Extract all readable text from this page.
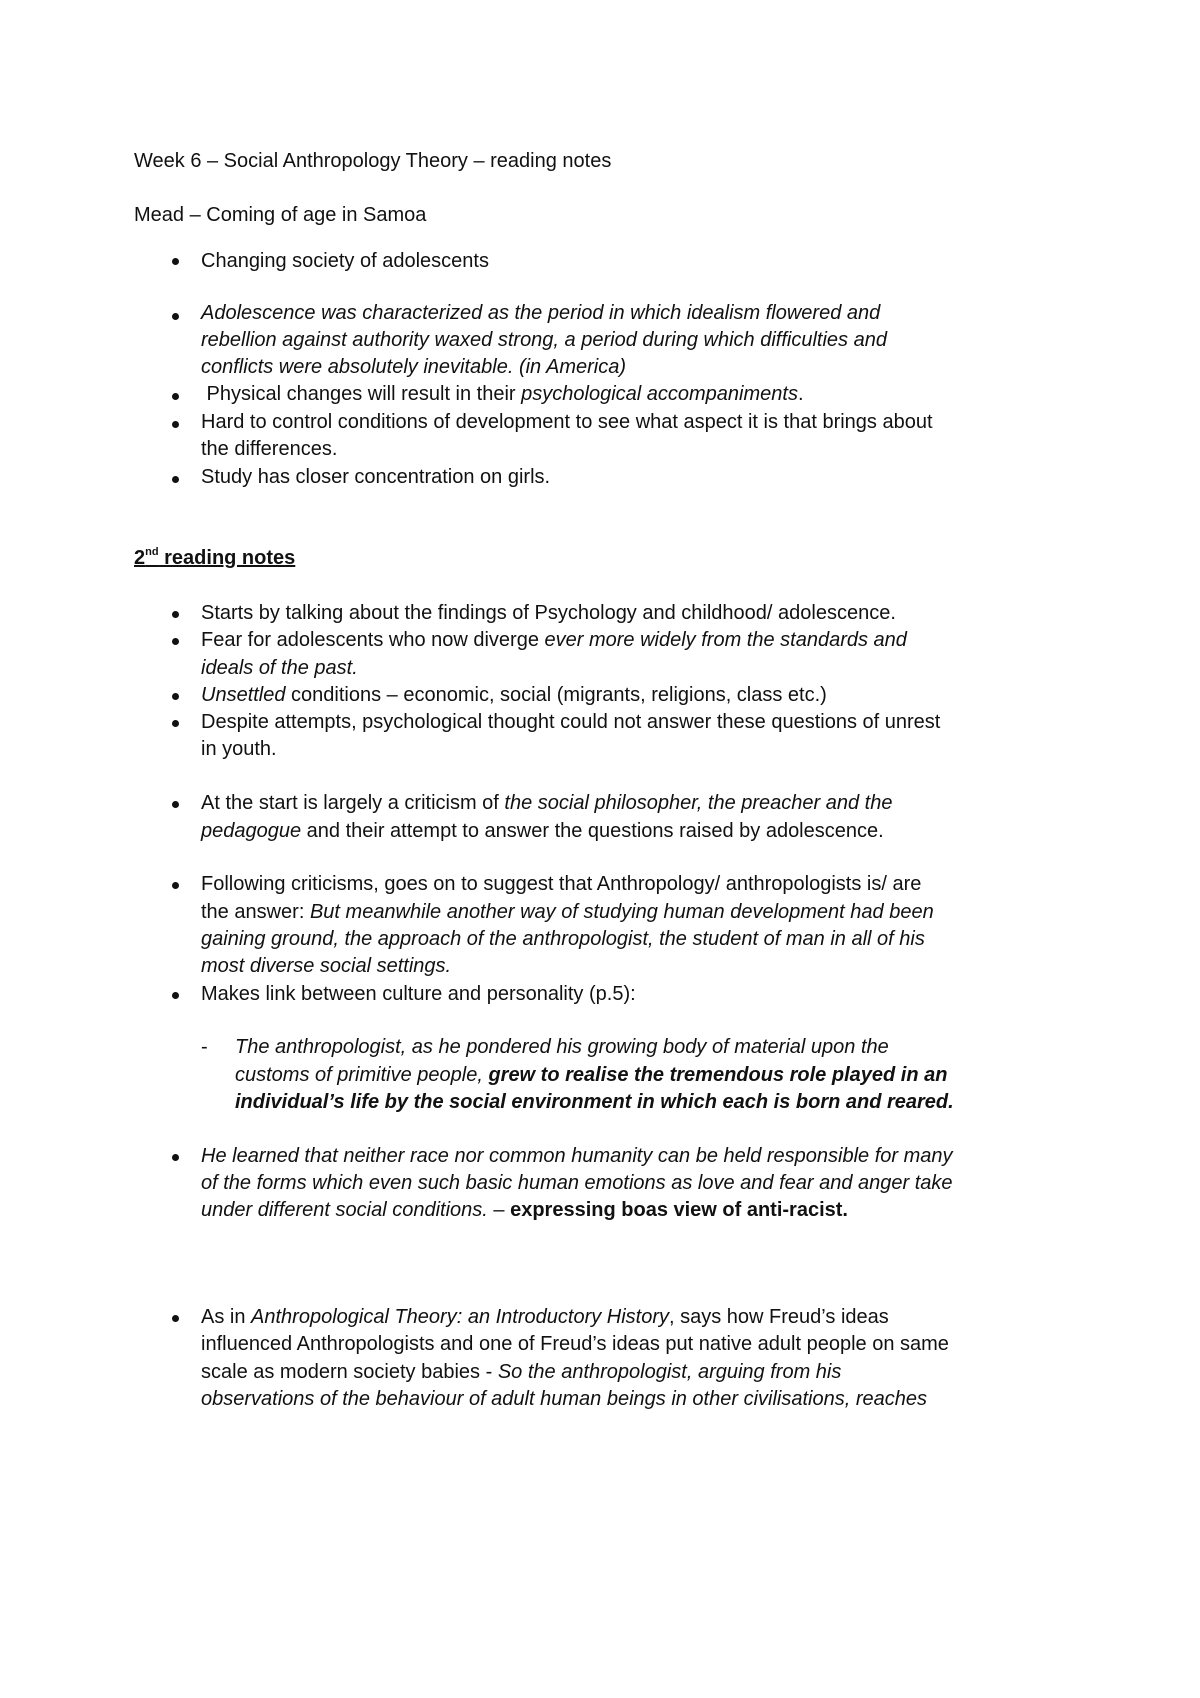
Week 6 – Social Anthropology Theory – reading notes
Mead – Coming of age in Samoa
Changing society of adolescents
Adolescence was characterized as the period in which idealism flowered and
rebellion against authority waxed strong, a period during which difficulties and
conflicts were absolutely inevitable. (in America)
Physical changes will result in their psychological accompaniments.
Hard to control conditions of development to see what aspect it is that brings about
the differences.
Study has closer concentration on girls.
2nd reading notes
Starts by talking about the findings of Psychology and childhood/ adolescence.
Fear for adolescents who now diverge ever more widely from the standards and
ideals of the past.
Unsettled conditions – economic, social (migrants, religions, class etc.)
Despite attempts, psychological thought could not answer these questions of unrest
in youth.
At the start is largely a criticism of the social philosopher, the preacher and the
pedagogue and their attempt to answer the questions raised by adolescence.
Following criticisms, goes on to suggest that Anthropology/ anthropologists is/ are
the answer: But meanwhile another way of studying human development had been
gaining ground, the approach of the anthropologist, the student of man in all of his
most diverse social settings.
Makes link between culture and personality (p.5):
- The anthropologist, as he pondered his growing body of material upon the
customs of primitive people, grew to realise the tremendous role played in an
individual’s life by the social environment in which each is born and reared.
He learned that neither race nor common humanity can be held responsible for many
of the forms which even such basic human emotions as love and fear and anger take
under different social conditions. – expressing boas view of anti-racist.
As in Anthropological Theory: an Introductory History, says how Freud’s ideas
influenced Anthropologists and one of Freud’s ideas put native adult people on same
scale as modern society babies - So the anthropologist, arguing from his
observations of the behaviour of adult human beings in other civilisations, reaches
